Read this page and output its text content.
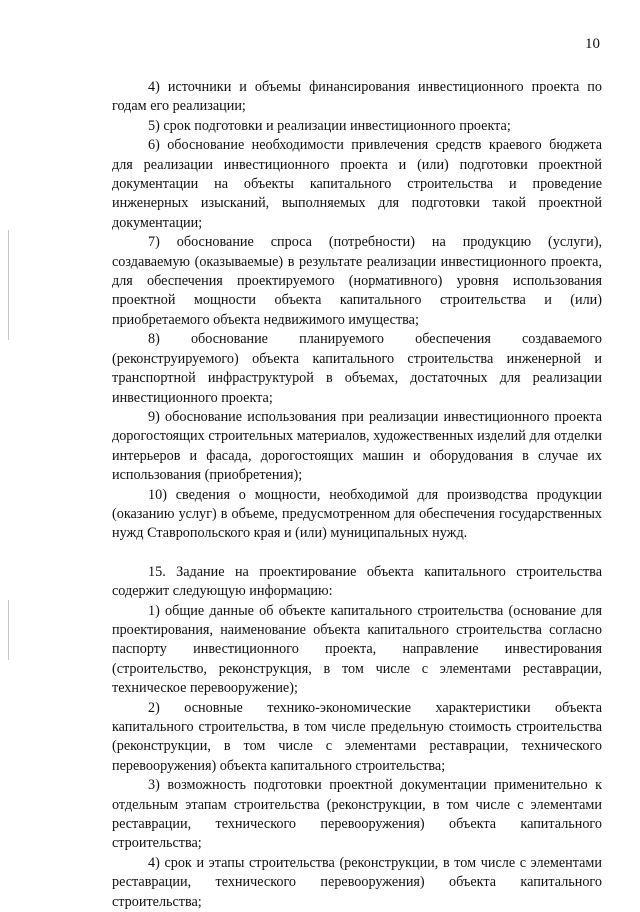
10

4) источники и объемы финансирования инвестиционного проекта по годам его реализации;

5) срок подготовки и реализации инвестиционного проекта;

6) обоснование необходимости привлечения средств краевого бюджета для реализации инвестиционного проекта и (или) подготовки проектной документации на объекты капитального строительства и проведение инженерных изысканий, выполняемых для подготовки такой проектной документации;

7) обоснование спроса (потребности) на продукцию (услуги), создаваемую (оказываемые) в результате реализации инвестиционного проекта, для обеспечения проектируемого (нормативного) уровня использования проектной мощности объекта капитального строительства и (или) приобретаемого объекта недвижимого имущества;

8) обоснование планируемого обеспечения создаваемого (реконструируемого) объекта капитального строительства инженерной и транспортной инфраструктурой в объемах, достаточных для реализации инвестиционного проекта;

9) обоснование использования при реализации инвестиционного проекта дорогостоящих строительных материалов, художественных изделий для отделки интерьеров и фасада, дорогостоящих машин и оборудования в случае их использования (приобретения);

10) сведения о мощности, необходимой для производства продукции (оказанию услуг) в объеме, предусмотренном для обеспечения государственных нужд Ставропольского края и (или) муниципальных нужд.

15. Задание на проектирование объекта капитального строительства содержит следующую информацию:

1) общие данные об объекте капитального строительства (основание для проектирования, наименование объекта капитального строительства согласно паспорту инвестиционного проекта, направление инвестирования (строительство, реконструкция, в том числе с элементами реставрации, техническое перевооружение);

2) основные технико-экономические характеристики объекта капитального строительства, в том числе предельную стоимость строительства (реконструкции, в том числе с элементами реставрации, технического перевооружения) объекта капитального строительства;

3) возможность подготовки проектной документации применительно к отдельным этапам строительства (реконструкции, в том числе с элементами реставрации, технического перевооружения) объекта капитального строительства;

4) срок и этапы строительства (реконструкции, в том числе с элементами реставрации, технического перевооружения) объекта капитального строительства;
